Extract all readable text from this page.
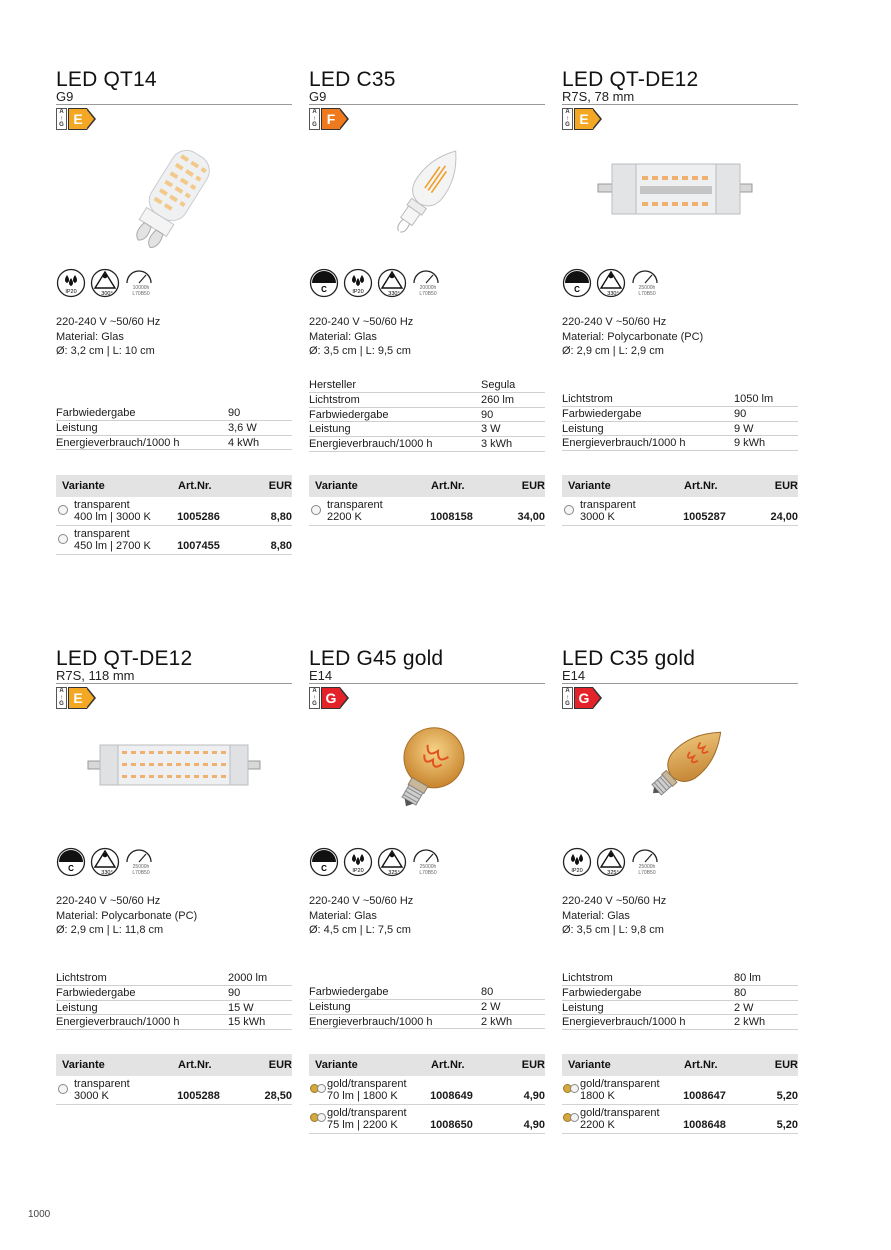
LED QT14
G9
A
↑
G E
IP20	300°
10000h
L70B50
220-240 V ~50/60 Hz
Material: Glas
Ø: 3,2 cm | L: 10 cm
Farbwiedergabe	90
Leistung	3,6 W
Energieverbrauch/1000 h	4 kWh
Variante	Art.Nr.	EUR
transparent
400 lm | 3000 K	1005286	8,80
transparent
450 lm | 2700 K	1007455	8,80
LED C35
G9
A
↑
G F
C	IP20	330°
20000h
L70B50
220-240 V ~50/60 Hz
Material: Glas
Ø: 3,5 cm | L: 9,5 cm
Hersteller	Segula
Lichtstrom	260 lm
Farbwiedergabe	90
Leistung	3 W
Energieverbrauch/1000 h	3 kWh
Variante	Art.Nr.	EUR
transparent
2200 K	1008158	34,00
LED QT-DE12
R7S, 78 mm
A
↑
G E
C	330°
25000h
L70B50
220-240 V ~50/60 Hz
Material: Polycarbonate (PC)
Ø: 2,9 cm | L: 2,9 cm
Lichtstrom	1050 lm
Farbwiedergabe	90
Leistung	9 W
Energieverbrauch/1000 h	9 kWh
Variante	Art.Nr.	EUR
transparent
3000 K	1005287	24,00
LED QT-DE12
R7S, 118 mm
A
↑
G E
C	330°
25000h
L70B50
220-240 V ~50/60 Hz
Material: Polycarbonate (PC)
Ø: 2,9 cm | L: 11,8 cm
Lichtstrom	2000 lm
Farbwiedergabe	90
Leistung	15 W
Energieverbrauch/1000 h	15 kWh
Variante	Art.Nr.	EUR
transparent
3000 K	1005288	28,50
LED G45 gold
E14
A
↑
G G
C	IP20	325°
25000h
L70B50
220-240 V ~50/60 Hz
Material: Glas
Ø: 4,5 cm | L: 7,5 cm
Farbwiedergabe	80
Leistung	2 W
Energieverbrauch/1000 h	2 kWh
Variante	Art.Nr.	EUR
gold/transparent
70 lm | 1800 K	1008649	4,90
gold/transparent
75 lm | 2200 K	1008650	4,90
LED C35 gold
E14
A
↑
G G
IP20	325°
25000h
L70B50
220-240 V ~50/60 Hz
Material: Glas
Ø: 3,5 cm | L: 9,8 cm
Lichtstrom	80 lm
Farbwiedergabe	80
Leistung	2 W
Energieverbrauch/1000 h	2 kWh
Variante	Art.Nr.	EUR
gold/transparent
1800 K	1008647	5,20
gold/transparent
2200 K	1008648	5,20
1000
